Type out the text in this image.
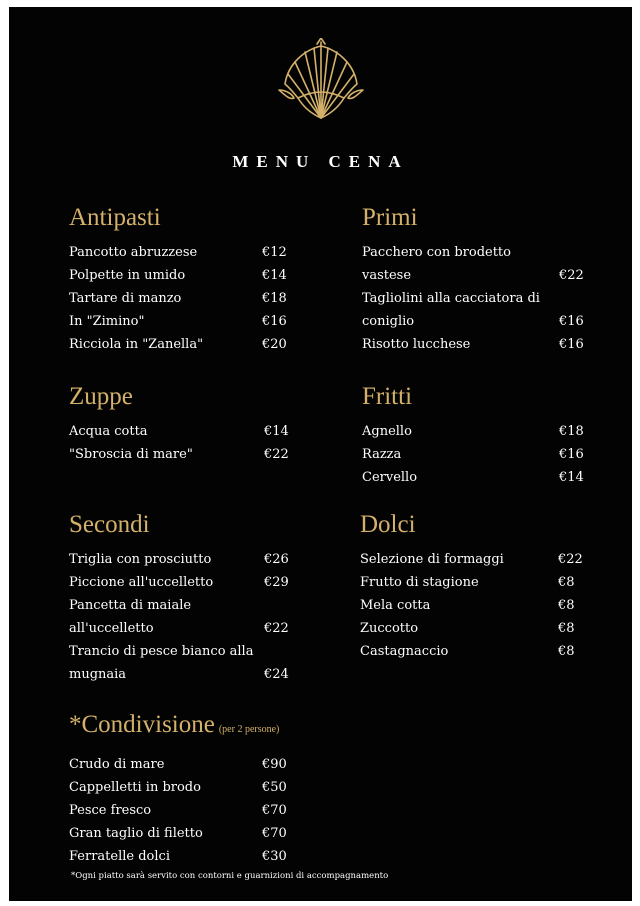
MENU CENA
Antipasti
Pancotto abruzzese	€12
Polpette in umido	€14
Tartare di manzo	€18
In "Zimino"	€16
Ricciola in "Zanella"	€20
Primi
Pacchero con brodetto
vastese	€22
Tagliolini alla cacciatora di
coniglio	€16
Risotto lucchese	€16
Zuppe
Acqua cotta	€14
"Sbroscia di mare"	€22
Fritti
Agnello	€18
Razza	€16
Cervello	€14
Secondi
Triglia con prosciutto	€26
Piccione all'uccelletto	€29
Pancetta di maiale
all'uccelletto	€22
Trancio di pesce bianco alla
mugnaia	€24
Dolci
Selezione di formaggi	€22
Frutto di stagione	€8
Mela cotta	€8
Zuccotto	€8
Castagnaccio	€8
*Condivisione (per 2 persone)
Crudo di mare	€90
Cappelletti in brodo	€50
Pesce fresco	€70
Gran taglio di filetto	€70
Ferratelle dolci	€30
*Ogni piatto sarà servito con contorni e guarnizioni di accompagnamento
